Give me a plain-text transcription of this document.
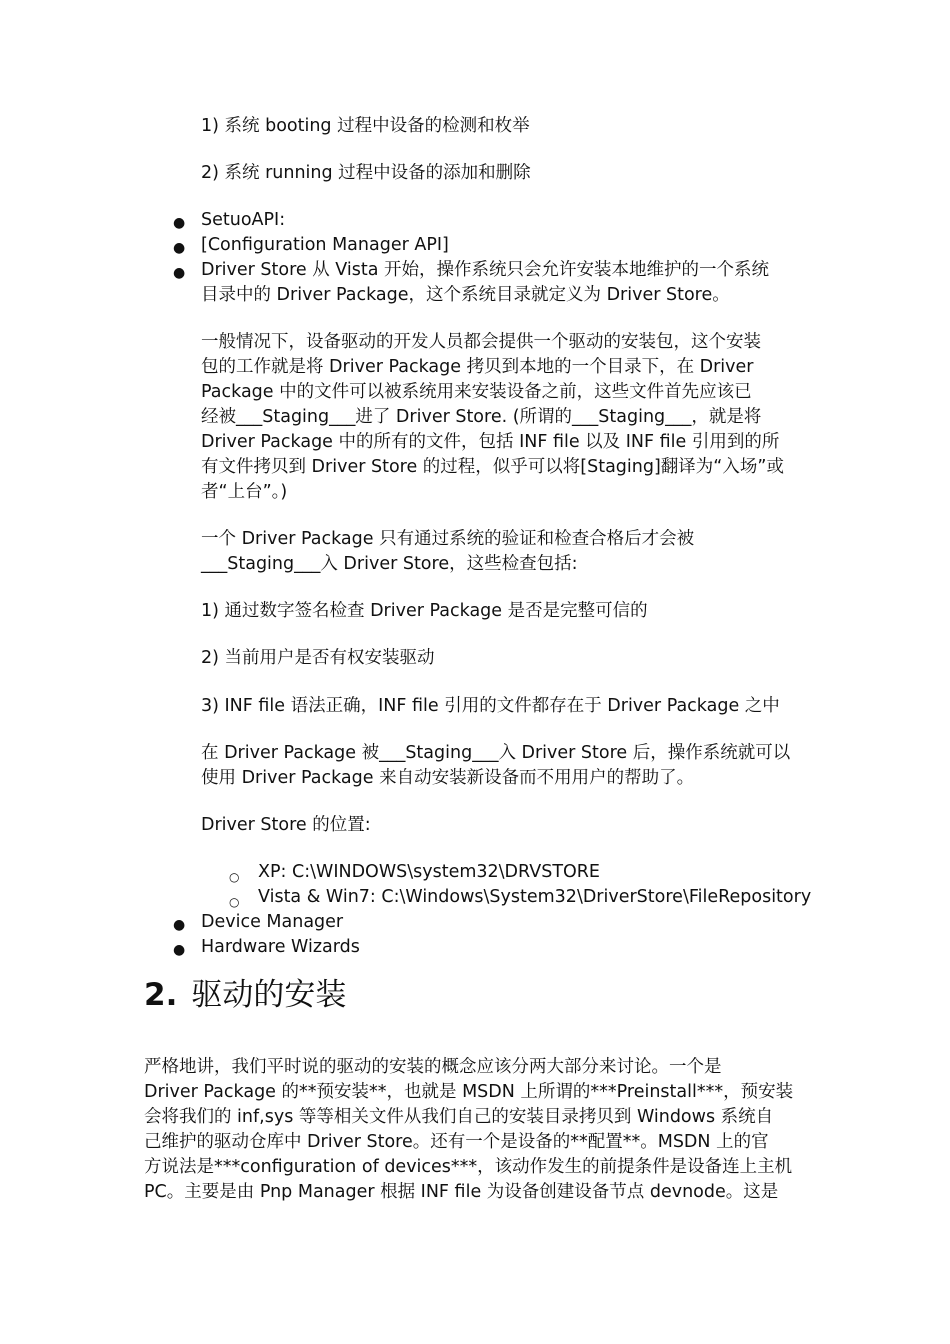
1) 系统 booting 过程中设备的检测和枚举
2) 系统 running 过程中设备的添加和删除
● SetuoAPI:
● [Configuration Manager API]
● Driver Store 从 Vista 开始，操作系统只会允许安装本地维护的一个系统
目录中的 Driver Package，这个系统目录就定义为 Driver Store。
一般情况下，设备驱动的开发人员都会提供一个驱动的安装包，这个安装
包的工作就是将 Driver Package 拷贝到本地的一个目录下，在 Driver
Package 中的文件可以被系统用来安装设备之前，这些文件首先应该已
经被___Staging___进了 Driver Store. (所谓的___Staging___，就是将
Driver Package 中的所有的文件，包括 INF file 以及 INF file 引用到的所
有文件拷贝到 Driver Store 的过程，似乎可以将[Staging]翻译为“入场”或
者“上台”。)
一个 Driver Package 只有通过系统的验证和检查合格后才会被
___Staging___入 Driver Store，这些检查包括:
1) 通过数字签名检查 Driver Package 是否是完整可信的
2) 当前用户是否有权安装驱动
3) INF file 语法正确，INF file 引用的文件都存在于 Driver Package 之中
在 Driver Package 被___Staging___入 Driver Store 后，操作系统就可以
使用 Driver Package 来自动安装新设备而不用用户的帮助了。
Driver Store 的位置:
○ XP: C:\WINDOWS\system32\DRVSTORE
○ Vista & Win7: C:\Windows\System32\DriverStore\FileRepository
● Device Manager
● Hardware Wizards
2. 驱动的安装
严格地讲，我们平时说的驱动的安装的概念应该分两大部分来讨论。一个是
Driver Package 的**预安装**，也就是 MSDN 上所谓的***Preinstall***，预安装
会将我们的 inf,sys 等等相关文件从我们自己的安装目录拷贝到 Windows 系统自
己维护的驱动仓库中 Driver Store。还有一个是设备的**配置**。MSDN 上的官
方说法是***configuration of devices***，该动作发生的前提条件是设备连上主机
PC。主要是由 Pnp Manager 根据 INF file 为设备创建设备节点 devnode。这是
